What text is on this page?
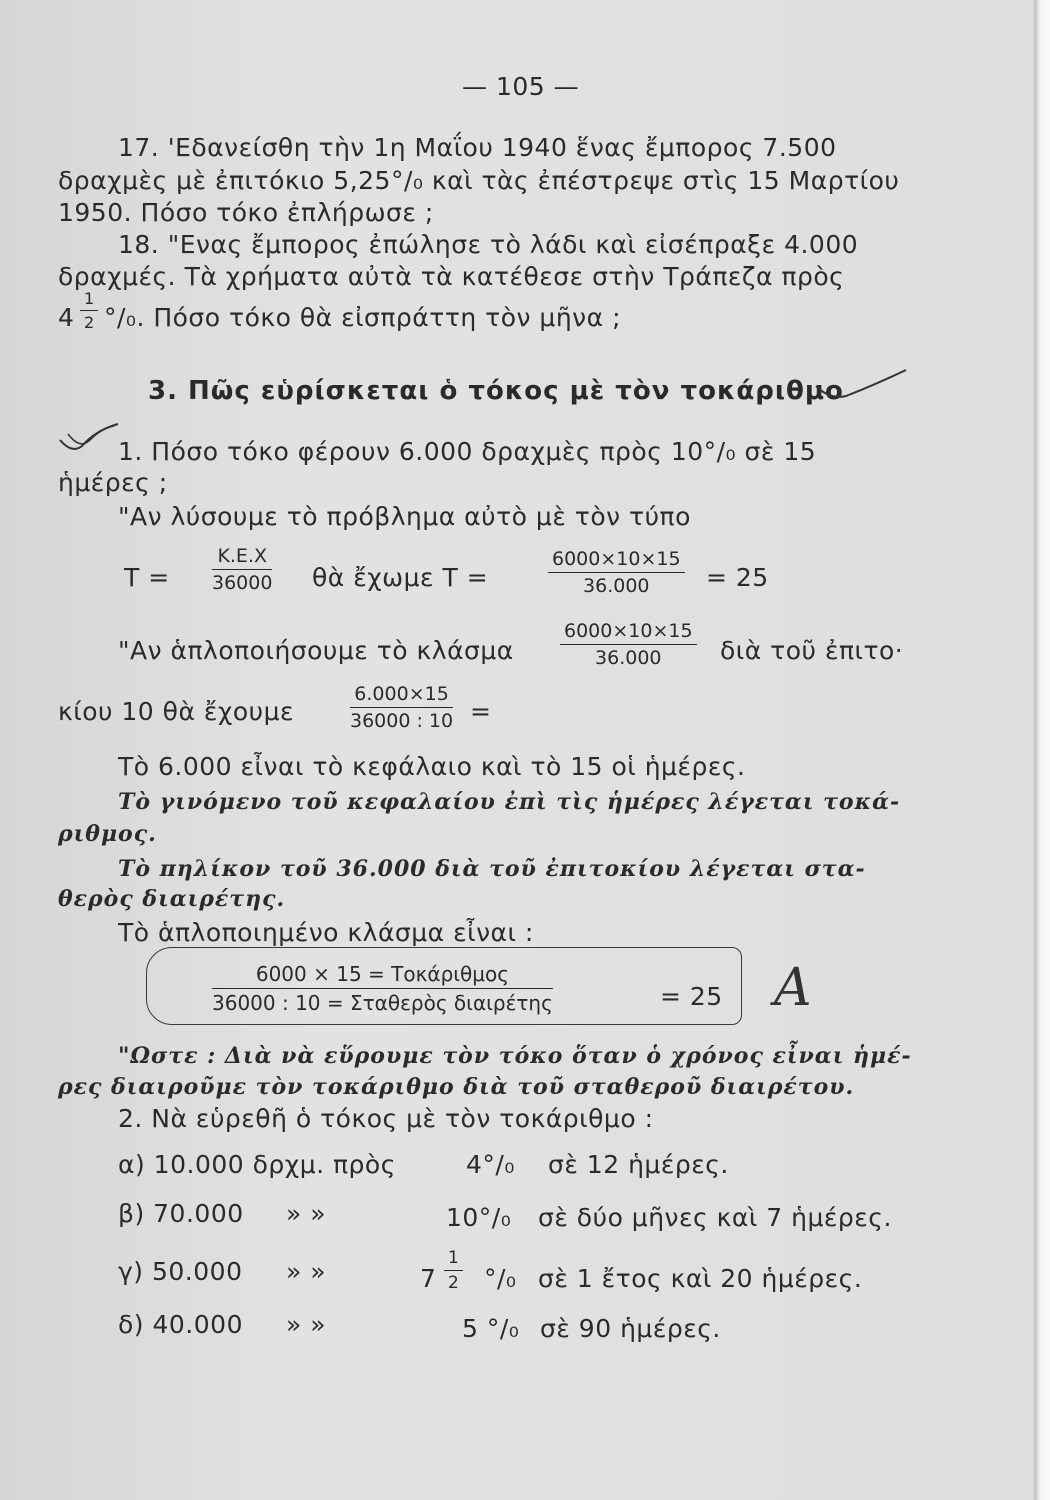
— 105 —
17. 'Εδανείσθη τὴν 1η Μαΐου 1940 ἕνας ἔμπορος 7.500
δραχμὲς μὲ ἐπιτόκιο 5,25°/₀ καὶ τὰς ἐπέστρεψε στὶς 15 Μαρτίου
1950. Πόσο τόκο ἐπλήρωσε ;
18. "Ενας ἔμπορος ἐπώλησε τὸ λάδι καὶ εἰσέπραξε 4.000
δραχμές. Τὰ χρήματα αὐτὰ τὰ κατέθεσε στὴν Τράπεζα πρὸς
$4 \frac{1}{2} ^\circ/_0$. Πόσο τόκο θὰ εἰσπράττη τὸν μῆνα ;
3. Πῶς εὑρίσκεται ὁ τόκος μὲ τὸν τοκάριθμο
1. Πόσο τόκο φέρουν 6.000 δραχμὲς πρὸς 10°/₀ σὲ 15
ἡμέρες ;
"Αν λύσουμε τὸ πρόβλημα αὐτὸ μὲ τὸν τύπο
$T = \frac{K.E.X}{36000}$ θὰ ἔχωμε Τ =	$\frac{6000\times 10\times 15}{36.000} = 25$
"Αν ἁπλοποιήσουμε τὸ κλάσμα $\frac{6000\times 10\times 15}{36.000}$ διὰ τοῦ ἐπιτο·
κίου 10 θὰ ἔχουμε	$\frac{6.000\times 15}{36000 : 10}$ =
Τὸ 6.000 εἶναι τὸ κεφάλαιο καὶ τὸ 15 οἱ ἡμέρες.
Τὸ γινόμενο τοῦ κεφαλαίου ἐπὶ τὶς ἡμέρες λέγεται τοκά-
ριθμος.
Τὸ πηλίκον τοῦ 36.000 διὰ τοῦ ἐπιτοκίου λέγεται στα-
θερὸς διαιρέτης.
Τὸ ἁπλοποιημένο κλάσμα εἶναι :
6000 × 15 = Τοκάριθμος
36000 : 10 = Σταθερὸς διαιρέτης	= 25 A
"Ωστε : Διὰ νὰ εὕρουμε τὸν τόκο ὅταν ὁ χρόνος εἶναι ἡμέ-
ρες διαιροῦμε τὸν τοκάριθμο διὰ τοῦ σταθεροῦ διαιρέτου.
2. Νὰ εὑρεθῆ ὁ τόκος μὲ τὸν τοκάριθμο :
α) 10.000 δρχμ. πρὸς	4°/₀ σὲ 12 ἡμέρες.
β) 70.000 » »	10°/₀ σὲ δύο μῆνες καὶ 7 ἡμέρες.
γ) 50.000 » »	$7 \frac{1}{2} ^\circ/_0$ σὲ 1 ἔτος καὶ 20 ἡμέρες.
δ) 40.000 » »	5 °/₀ σὲ 90 ἡμέρες.
